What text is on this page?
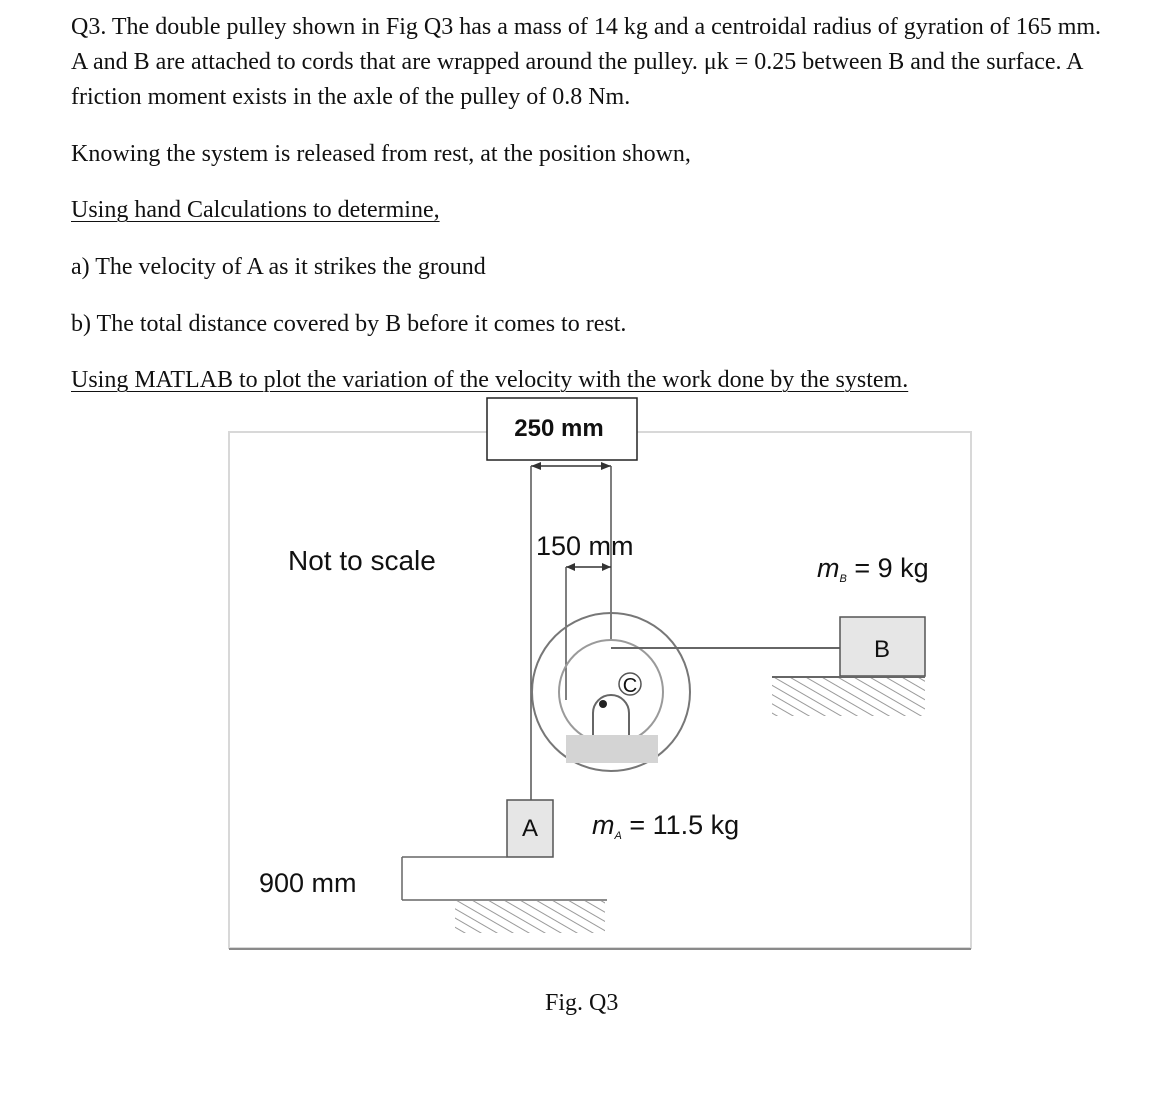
Q3. The double pulley shown in Fig Q3 has a mass of 14 kg and a centroidal radius of gyration of 165 mm. A and B are attached to cords that are wrapped around the pulley. μk = 0.25 between B and the surface. A friction moment exists in the axle of the pulley of 0.8 Nm.

Knowing the system is released from rest, at the position shown,

Using hand Calculations to determine,

a) The velocity of A as it strikes the ground

b) The total distance covered by B before it comes to rest.

Using MATLAB to plot the variation of the velocity with the work done by the system.

250 mm
150 mm
C
B
mB = 9 kg
A mA = 11.5 kg
900 mm
Not to scale
Fig. Q3
